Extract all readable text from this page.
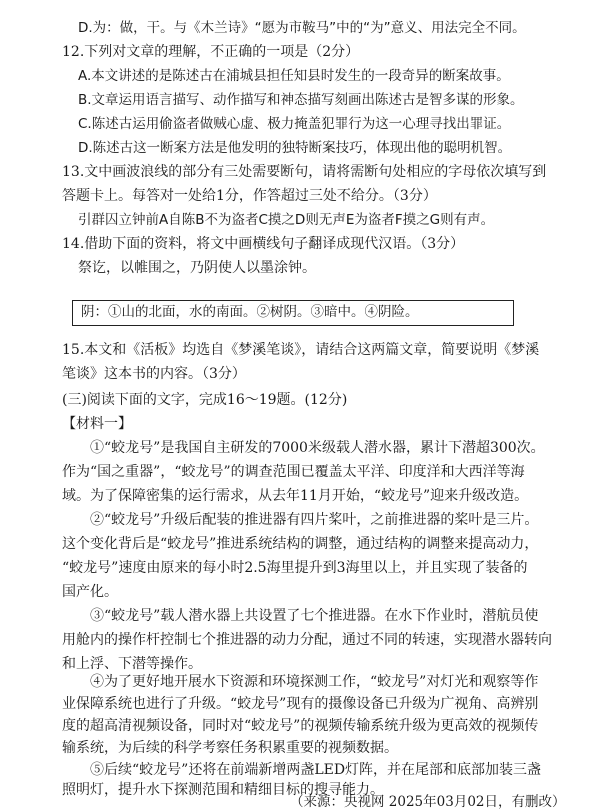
D.为：做，干。与《木兰诗》“愿为市鞍马”中的“为”意义、用法完全不同。
12.下列对文章的理解，不正确的一项是（2分）
A.本文讲述的是陈述古在浦城县担任知县时发生的一段奇异的断案故事。
B.文章运用语言描写、动作描写和神态描写刻画出陈述古是智多谋的形象。
C.陈述古运用偷盗者做贼心虚、极力掩盖犯罪行为这一心理寻找出罪证。
D.陈述古这一断案方法是他发明的独特断案技巧，体现出他的聪明机智。
13.文中画波浪线的部分有三处需要断句，请将需断句处相应的字母依次填写到
答题卡上。每答对一处给1分，作答超过三处不给分。（3分）
引群囚立钟前A自陈B不为盗者C摸之D则无声E为盗者F摸之G则有声。
14.借助下面的资料，将文中画横线句子翻译成现代汉语。（3分）
祭讫，以帷围之，乃阴使人以墨涂钟。
阴：①山的北面，水的南面。②树阴。③暗中。④阴险。
15.本文和《活板》均选自《梦溪笔谈》，请结合这两篇文章，简要说明《梦溪
笔谈》这本书的内容。（3分）
(三)阅读下面的文字，完成16～19题。(12分)
【材料一】
①“蛟龙号”是我国自主研发的7000米级载人潜水器，累计下潜超300次。
作为“国之重器”，“蛟龙号”的调查范围已覆盖太平洋、印度洋和大西洋等海
域。为了保障密集的运行需求，从去年11月开始，“蛟龙号”迎来升级改造。
②“蛟龙号”升级后配装的推进器有四片桨叶，之前推进器的桨叶是三片。
这个变化背后是“蛟龙号”推进系统结构的调整，通过结构的调整来提高动力，
“蛟龙号”速度由原来的每小时2.5海里提升到3海里以上，并且实现了装备的
国产化。
③“蛟龙号”载人潜水器上共设置了七个推进器。在水下作业时，潜航员使
用舱内的操作杆控制七个推进器的动力分配，通过不同的转速，实现潜水器转向
和上浮、下潜等操作。
④为了更好地开展水下资源和环境探测工作，“蛟龙号”对灯光和观察等作
业保障系统也进行了升级。“蛟龙号”现有的摄像设备已升级为广视角、高辨别
度的超高清视频设备，同时对“蛟龙号”的视频传输系统升级为更高效的视频传
输系统，为后续的科学考察任务积累重要的视频数据。
⑤后续“蛟龙号”还将在前端新增两盏LED灯阵，并在尾部和底部加装三盏
照明灯，提升水下探测范围和精细目标的搜寻能力。
（来源：央视网 2025年03月02日，有删改）
